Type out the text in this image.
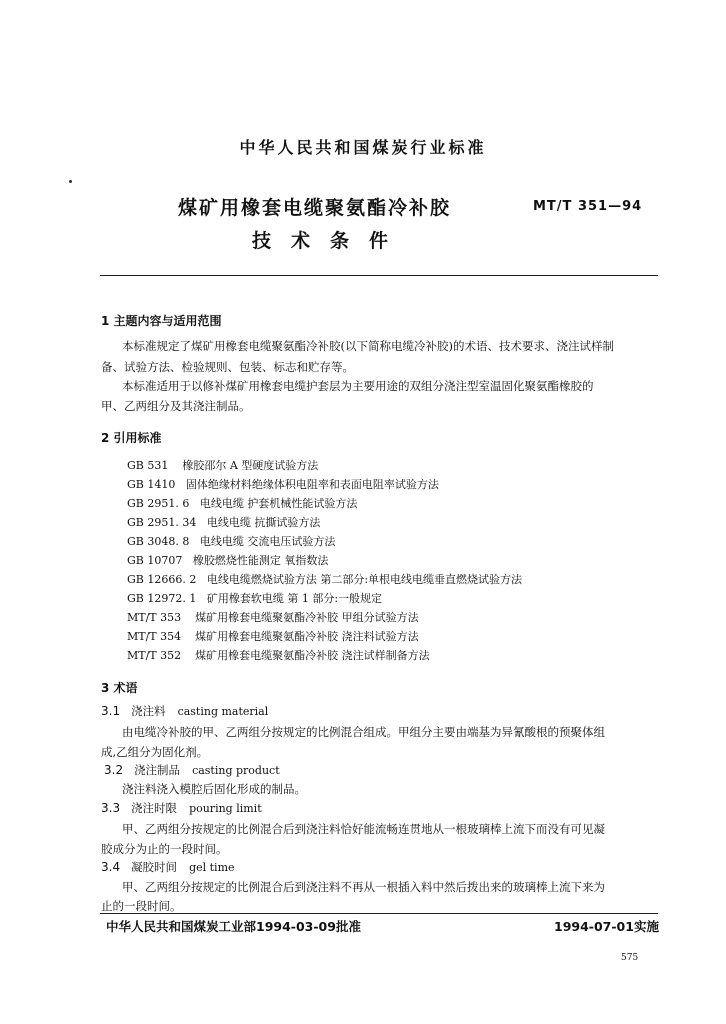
中华人民共和国煤炭行业标准
煤矿用橡套电缆聚氨酯冷补胶
技术条件
MT/T 351—94
1 主题内容与适用范围
本标准规定了煤矿用橡套电缆聚氨酯冷补胶(以下简称电缆冷补胶)的术语、技术要求、浇注试样制
备、试验方法、检验规则、包装、标志和贮存等。
本标准适用于以修补煤矿用橡套电缆护套层为主要用途的双组分浇注型室温固化聚氨酯橡胶的
甲、乙两组分及其浇注制品。
2 引用标准
GB 531 橡胶邵尔 A 型硬度试验方法
GB 1410 固体绝缘材料绝缘体积电阻率和表面电阻率试验方法
GB 2951. 6 电线电缆 护套机械性能试验方法
GB 2951. 34 电线电缆 抗撕试验方法
GB 3048. 8 电线电缆 交流电压试验方法
GB 10707 橡胶燃烧性能测定 氧指数法
GB 12666. 2 电线电缆燃烧试验方法 第二部分:单根电线电缆垂直燃烧试验方法
GB 12972. 1 矿用橡套软电缆 第 1 部分:一般规定
MT/T 353 煤矿用橡套电缆聚氨酯冷补胶 甲组分试验方法
MT/T 354 煤矿用橡套电缆聚氨酯冷补胶 浇注料试验方法
MT/T 352 煤矿用橡套电缆聚氨酯冷补胶 浇注试样制备方法
3 术语
3.1 浇注料 casting material
由电缆冷补胶的甲、乙两组分按规定的比例混合组成。甲组分主要由端基为异氰酸根的预聚体组
成,乙组分为固化剂。
3.2 浇注制品 casting product
浇注料浇入模腔后固化形成的制品。
3.3 浇注时限 pouring limit
甲、乙两组分按规定的比例混合后到浇注料恰好能流畅连贯地从一根玻璃棒上流下而没有可见凝
胶成分为止的一段时间。
3.4 凝胶时间 gel time
甲、乙两组分按规定的比例混合后到浇注料不再从一根插入料中然后拨出来的玻璃棒上流下来为
止的一段时间。
中华人民共和国煤炭工业部1994-03-09批准	1994-07-01实施
575
